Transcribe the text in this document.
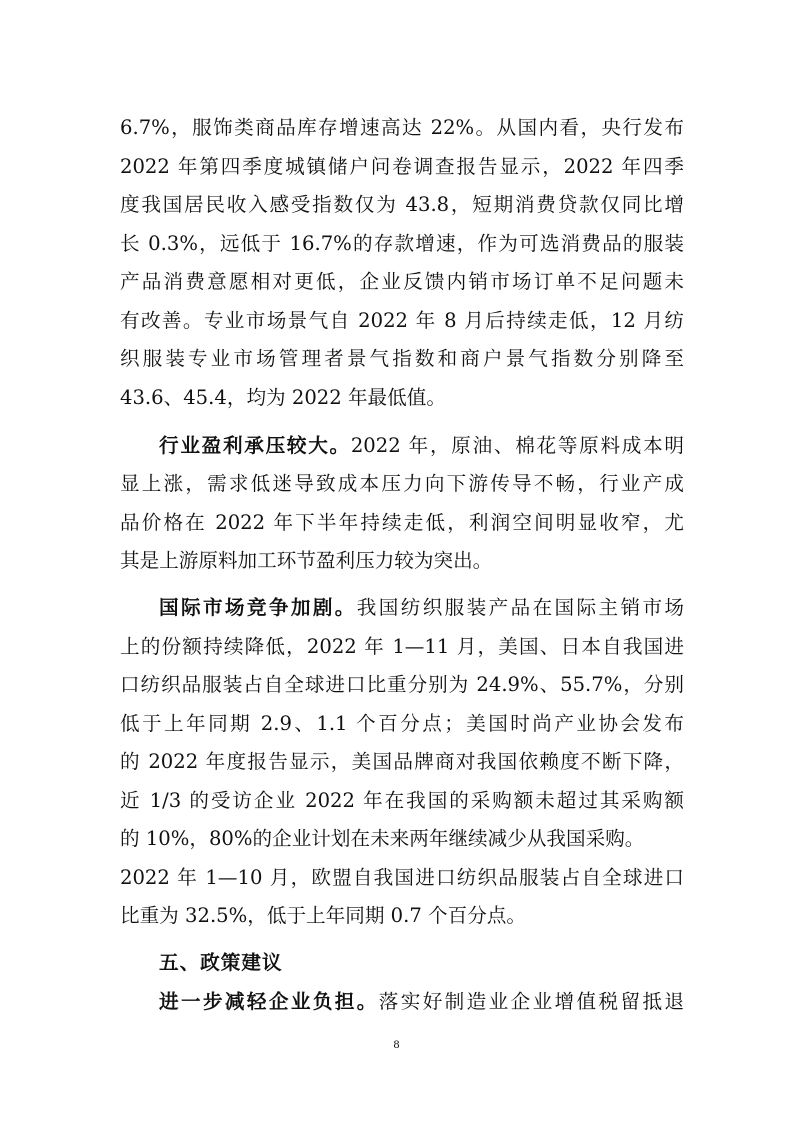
6.7%，服饰类商品库存增速高达 22%。从国内看，央行发布
2022 年第四季度城镇储户问卷调查报告显示，2022 年四季
度我国居民收入感受指数仅为 43.8，短期消费贷款仅同比增
长 0.3%，远低于 16.7%的存款增速，作为可选消费品的服装
产品消费意愿相对更低，企业反馈内销市场订单不足问题未
有改善。专业市场景气自 2022 年 8 月后持续走低，12 月纺
织服装专业市场管理者景气指数和商户景气指数分别降至
43.6、45.4，均为 2022 年最低值。
行业盈利承压较大。2022 年，原油、棉花等原料成本明
显上涨，需求低迷导致成本压力向下游传导不畅，行业产成
品价格在 2022 年下半年持续走低，利润空间明显收窄，尤
其是上游原料加工环节盈利压力较为突出。
国际市场竞争加剧。我国纺织服装产品在国际主销市场
上的份额持续降低，2022 年 1—11 月，美国、日本自我国进
口纺织品服装占自全球进口比重分别为 24.9%、55.7%，分别
低于上年同期 2.9、1.1 个百分点；美国时尚产业协会发布
的 2022 年度报告显示，美国品牌商对我国依赖度不断下降，
近 1/3 的受访企业 2022 年在我国的采购额未超过其采购额
的 10%，80%的企业计划在未来两年继续减少从我国采购。
2022 年 1—10 月，欧盟自我国进口纺织品服装占自全球进口
比重为 32.5%，低于上年同期 0.7 个百分点。
五、政策建议
进一步减轻企业负担。落实好制造业企业增值税留抵退
8
